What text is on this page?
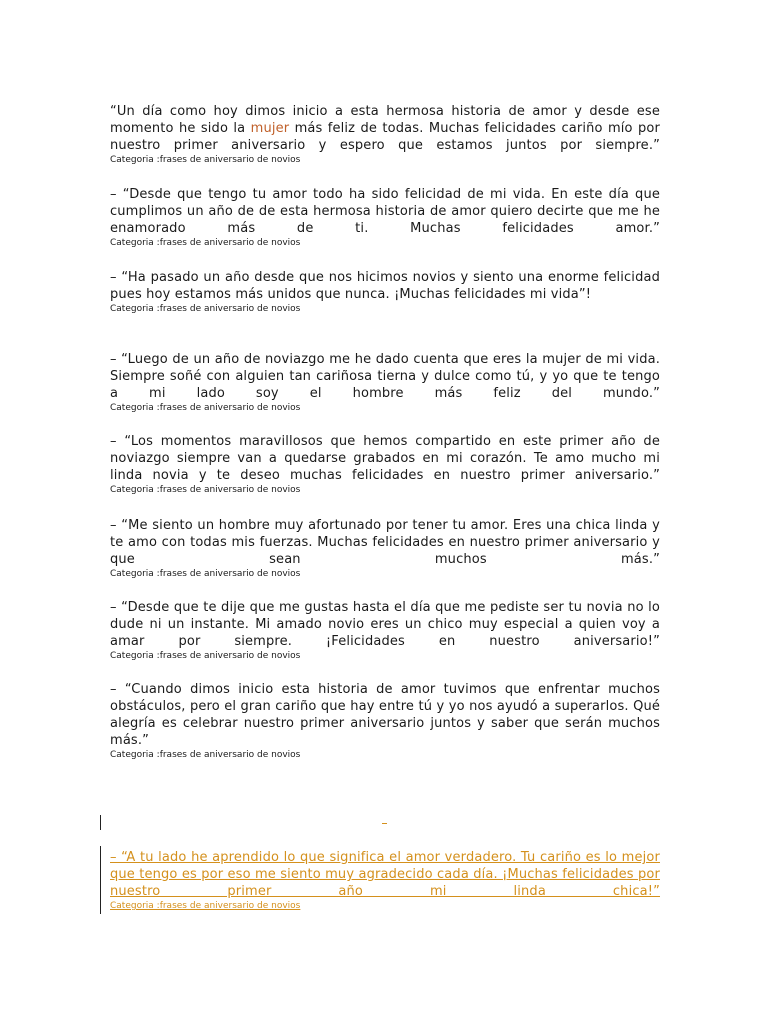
“Un día como hoy dimos inicio a esta hermosa historia de amor y desde ese momento he sido la mujer más feliz de todas. Muchas felicidades cariño mío por nuestro primer aniversario y espero que estamos juntos por siempre.”

Categoria :frases de aniversario de novios

– “Desde que tengo tu amor todo ha sido felicidad de mi vida. En este día que cumplimos un año de de esta hermosa historia de amor quiero decirte que me he enamorado más de ti. Muchas felicidades amor.”

Categoria :frases de aniversario de novios

– “Ha pasado un año desde que nos hicimos novios y siento una enorme felicidad pues hoy estamos más unidos que nunca. ¡Muchas felicidades mi vida”!

Categoria :frases de aniversario de novios

– “Luego de un año de noviazgo me he dado cuenta que eres la mujer de mi vida. Siempre soñé con alguien tan cariñosa tierna y dulce como tú, y yo que te tengo a mi lado soy el hombre más feliz del mundo.”

Categoria :frases de aniversario de novios

– “Los momentos maravillosos que hemos compartido en este primer año de noviazgo siempre van a quedarse grabados en mi corazón. Te amo mucho mi linda novia y te deseo muchas felicidades en nuestro primer aniversario.”

Categoria :frases de aniversario de novios

– “Me siento un hombre muy afortunado por tener tu amor. Eres una chica linda y te amo con todas mis fuerzas. Muchas felicidades en nuestro primer aniversario y que sean muchos más.”

Categoria :frases de aniversario de novios

– “Desde que te dije que me gustas hasta el día que me pediste ser tu novia no lo dude ni un instante. Mi amado novio eres un chico muy especial a quien voy a amar por siempre. ¡Felicidades en nuestro aniversario!”

Categoria :frases de aniversario de novios

– “Cuando dimos inicio esta historia de amor tuvimos que enfrentar muchos obstáculos, pero el gran cariño que hay entre tú y yo nos ayudó a superarlos. Qué alegría es celebrar nuestro primer aniversario juntos y saber que serán muchos más.”

Categoria :frases de aniversario de novios

– “A tu lado he aprendido lo que significa el amor verdadero. Tu cariño es lo mejor que tengo es por eso me siento muy agradecido cada día. ¡Muchas felicidades por nuestro primer año mi linda chica!”

Categoria :frases de aniversario de novios
